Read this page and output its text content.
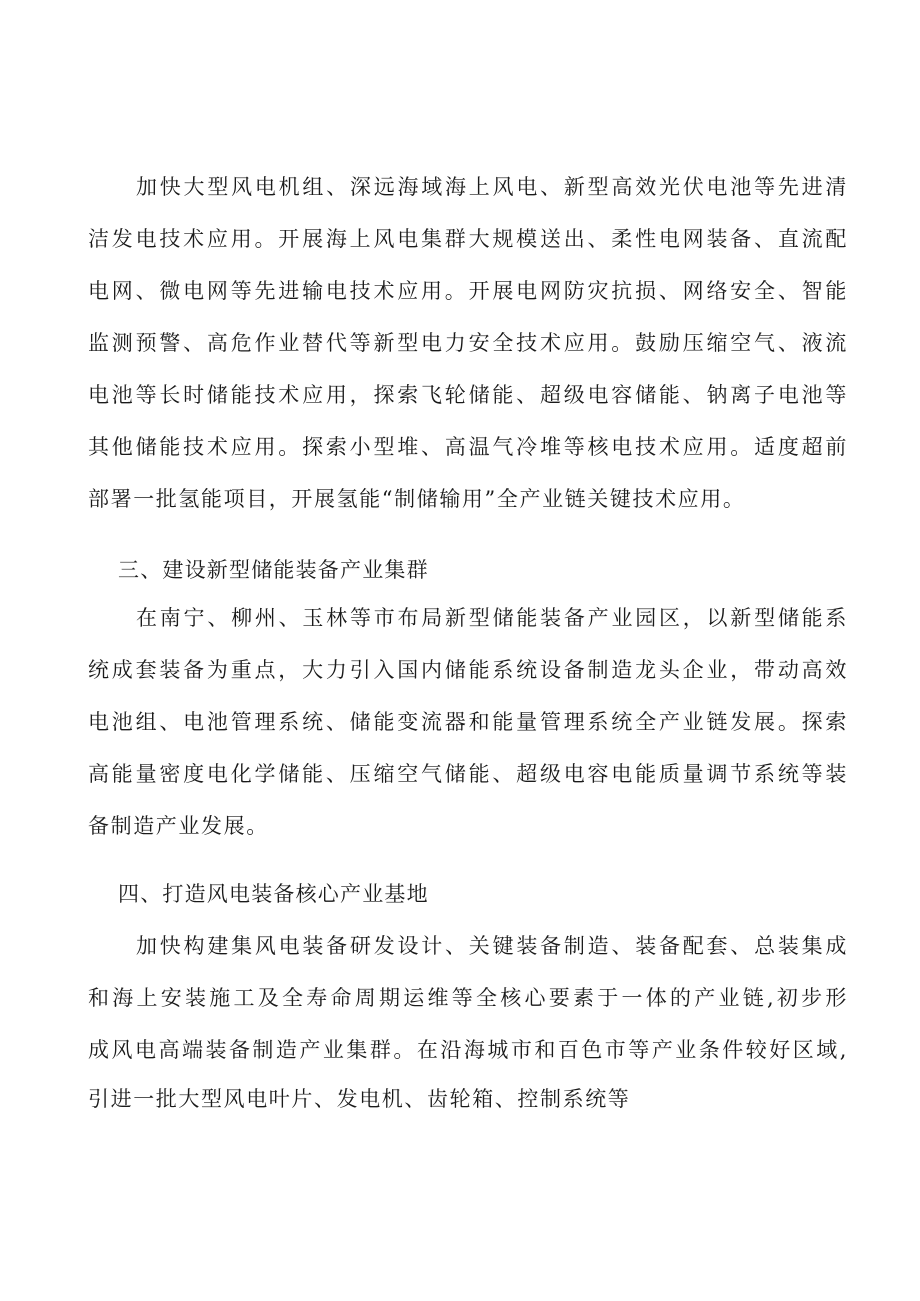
加快大型风电机组、深远海域海上风电、新型高效光伏电池等先进清
洁发电技术应用。开展海上风电集群大规模送出、柔性电网装备、直流配
电网、微电网等先进输电技术应用。开展电网防灾抗损、网络安全、智能
监测预警、高危作业替代等新型电力安全技术应用。鼓励压缩空气、液流
电池等长时储能技术应用，探索飞轮储能、超级电容储能、钠离子电池等
其他储能技术应用。探索小型堆、高温气冷堆等核电技术应用。适度超前
部署一批氢能项目，开展氢能“制储输用”全产业链关键技术应用。
三、建设新型储能装备产业集群
在南宁、柳州、玉林等市布局新型储能装备产业园区，以新型储能系
统成套装备为重点，大力引入国内储能系统设备制造龙头企业，带动高效
电池组、电池管理系统、储能变流器和能量管理系统全产业链发展。探索
高能量密度电化学储能、压缩空气储能、超级电容电能质量调节系统等装
备制造产业发展。
四、打造风电装备核心产业基地
加快构建集风电装备研发设计、关键装备制造、装备配套、总装集成
和海上安装施工及全寿命周期运维等全核心要素于一体的产业链,初步形
成风电高端装备制造产业集群。在沿海城市和百色市等产业条件较好区域,
引进一批大型风电叶片、发电机、齿轮箱、控制系统等
